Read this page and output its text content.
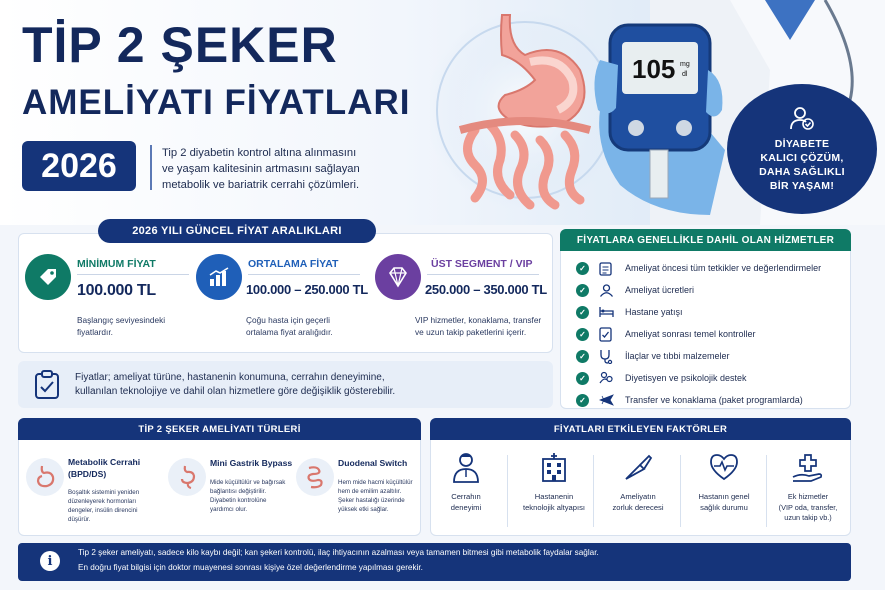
TİP 2 ŞEKER
AMELİYATI FİYATLARI
2026	Tip 2 diyabetin kontrol altına alınmasını
ve yaşam kalitesinin artmasını sağlayan
metabolik ve bariatrik cerrahi çözümleri.
105 mg
dl
DİYABETE
KALICI ÇÖZÜM,
DAHA SAĞLIKLI
BİR YAŞAM!
2026 YILI GÜNCEL FİYAT ARALIKLARI
MİNİMUM FİYAT
100.000 TL
Başlangıç seviyesindeki
fiyatlardır.
ORTALAMA FİYAT
100.000 – 250.000 TL
Çoğu hasta için geçerli
ortalama fiyat aralığıdır.
ÜST SEGMENT / VIP
250.000 – 350.000 TL
VIP hizmetler, konaklama, transfer
ve uzun takip paketlerini içerir.
Fiyatlar; ameliyat türüne, hastanenin konumuna, cerrahın deneyimine,
kullanılan teknolojiye ve dahil olan hizmetlere göre değişiklik gösterebilir.
FİYATLARA GENELLİKLE DAHİL OLAN HİZMETLER
✓	Ameliyat öncesi tüm tetkikler ve değerlendirmeler
✓	Ameliyat ücretleri
✓	Hastane yatışı
✓	Ameliyat sonrası temel kontroller
✓	İlaçlar ve tıbbi malzemeler
✓	Diyetisyen ve psikolojik destek
✓	Transfer ve konaklama (paket programlarda)
TİP 2 ŞEKER AMELİYATI TÜRLERİ
Metabolik Cerrahi
(BPD/DS)
Boşaltık sistemini yeniden
düzenleyerek hormonları
dengeler, insülin direncini
düşürür.
Mini Gastrik Bypass
Mide küçültülür ve bağırsak
bağlantısı değiştirilir.
Diyabetin kontrolüne
yardımcı olur.
Duodenal Switch
Hem mide hacmi küçültülür
hem de emilim azaltılır.
Şeker hastalığı üzerinde
yüksek etki sağlar.
FİYATLARI ETKİLEYEN FAKTÖRLER
Cerrahın
deneyimi
Hastanenin
teknolojik altyapısı
Ameliyatın
zorluk derecesi
Hastanın genel
sağlık durumu
Ek hizmetler
(VIP oda, transfer,
uzun takip vb.)
i
Tip 2 şeker ameliyatı, sadece kilo kaybı değil; kan şekeri kontrolü, ilaç ihtiyacının azalması veya tamamen bitmesi gibi metabolik faydalar sağlar.
En doğru fiyat bilgisi için doktor muayenesi sonrası kişiye özel değerlendirme yapılması gerekir.
